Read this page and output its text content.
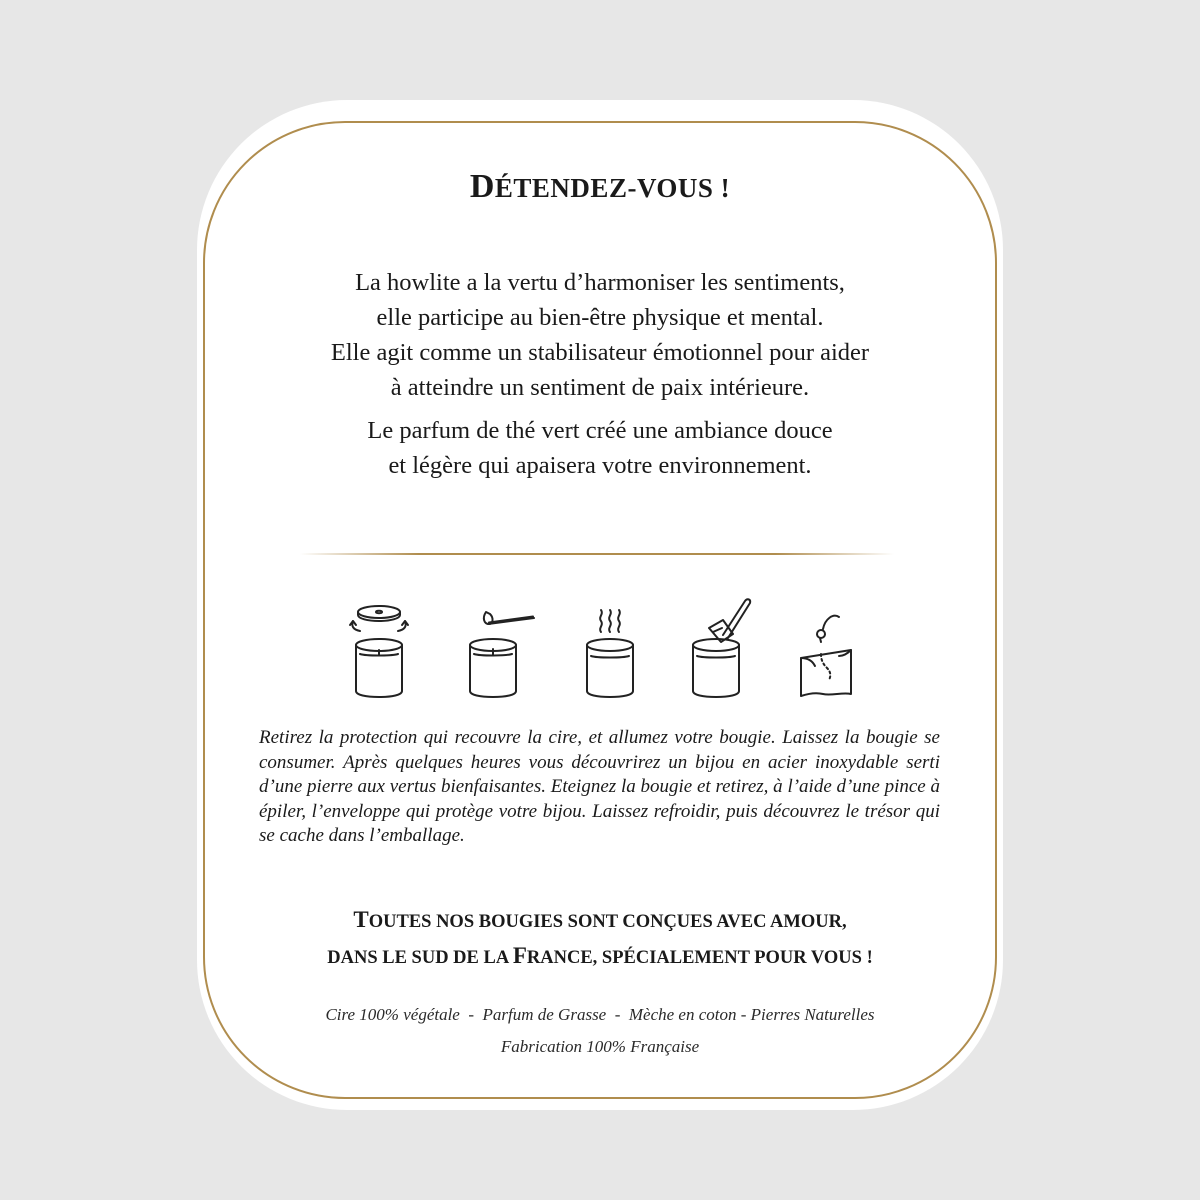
DÉTENDEZ-VOUS !

La howlite a la vertu d’harmoniser les sentiments,
elle participe au bien-être physique et mental.
Elle agit comme un stabilisateur émotionnel pour aider
à atteindre un sentiment de paix intérieure.

Le parfum de thé vert créé une ambiance douce
et légère qui apaisera votre environnement.

Retirez la protection qui recouvre la cire, et allumez votre bougie. Laissez la bougie se consumer. Après quelques heures vous découvrirez un bijou en acier inoxydable serti d’une pierre aux vertus bienfaisantes. Eteignez la bougie et retirez, à l’aide d’une pince à épiler, l’enveloppe qui protège votre bijou. Laissez refroidir, puis découvrez le trésor qui se cache dans l’emballage.

TOUTES NOS BOUGIES SONT CONÇUES AVEC AMOUR,
DANS LE SUD DE LA FRANCE, SPÉCIALEMENT POUR VOUS !
Cire 100% végétale  -  Parfum de Grasse  -  Mèche en coton - Pierres Naturelles
Fabrication 100% Française
